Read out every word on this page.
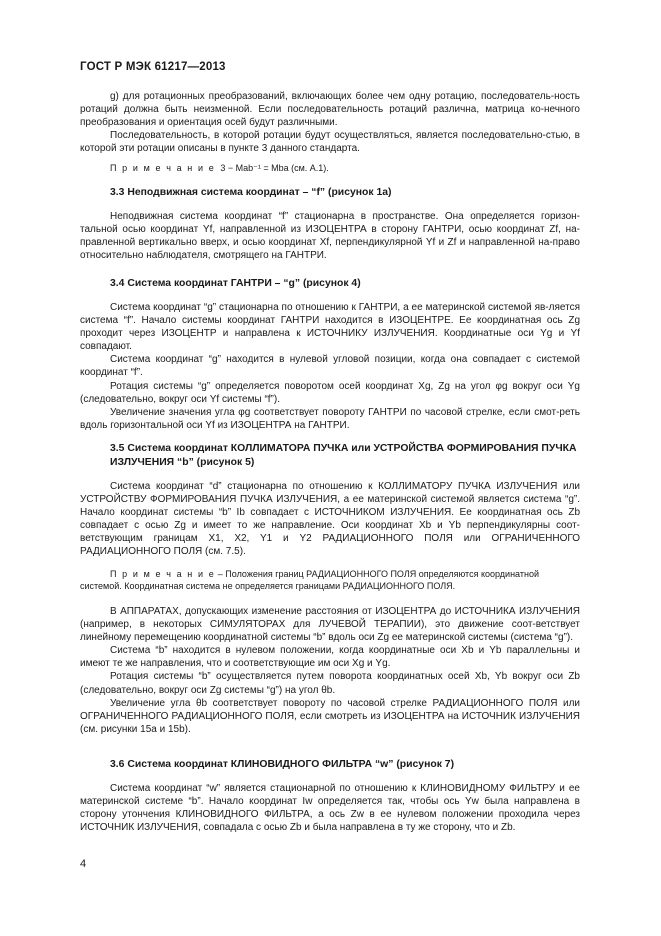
ГОСТ Р МЭК 61217—2013

g) для ротационных преобразований, включающих более чем одну ротацию, последователь-ность ротаций должна быть неизменной. Если последовательность ротаций различна, матрица ко-нечного преобразования и ориентация осей будут различными.

Последовательность, в которой ротации будут осуществляться, является последовательно-стью, в которой эти ротации описаны в пункте 3 данного стандарта.

П р и м е ч а н и е 3 − Mab⁻¹ = Mba (см. А.1).

3.3 Неподвижная система координат – “f” (рисунок 1a)

Неподвижная система координат “f” стационарна в пространстве. Она определяется горизон-тальной осью координат Yf, направленной из ИЗОЦЕНТРА в сторону ГАНТРИ, осью координат Zf, на-правленной вертикально вверх, и осью координат Xf, перпендикулярной Yf и Zf и направленной на-право относительно наблюдателя, смотрящего на ГАНТРИ.

3.4 Система координат ГАНТРИ – “g” (рисунок 4)

Система координат “g” стационарна по отношению к ГАНТРИ, а ее материнской системой яв-ляется система “f”. Начало системы координат ГАНТРИ находится в ИЗОЦЕНТРЕ. Ее координатная ось Zg проходит через ИЗОЦЕНТР и направлена к ИСТОЧНИКУ ИЗЛУЧЕНИЯ. Координатные оси Yg и Yf совпадают.

Система координат “g” находится в нулевой угловой позиции, когда она совпадает с системой координат “f”.

Ротация системы “g” определяется поворотом осей координат Xg, Zg на угол φg вокруг оси Yg (следовательно, вокруг оси Yf системы “f”).

Увеличение значения угла φg соответствует повороту ГАНТРИ по часовой стрелке, если смот-реть вдоль горизонтальной оси Yf из ИЗОЦЕНТРА на ГАНТРИ.

3.5 Система координат КОЛЛИМАТОРА ПУЧКА или УСТРОЙСТВА ФОРМИРОВАНИЯ ПУЧКА ИЗЛУЧЕНИЯ “b” (рисунок 5)

Система координат “d” стационарна по отношению к КОЛЛИМАТОРУ ПУЧКА ИЗЛУЧЕНИЯ или УСТРОЙСТВУ ФОРМИРОВАНИЯ ПУЧКА ИЗЛУЧЕНИЯ, а ее материнской системой является система “g”. Начало координат системы “b” Ib совпадает с ИСТОЧНИКОМ ИЗЛУЧЕНИЯ. Ее координатная ось Zb совпадает с осью Zg и имеет то же направление. Оси координат Xb и Yb перпендикулярны соот-ветствующим границам X1, X2, Y1 и Y2 РАДИАЦИОННОГО ПОЛЯ или ОГРАНИЧЕННОГО РАДИАЦИОННОГО ПОЛЯ (см. 7.5).

П р и м е ч а н и е – Положения границ РАДИАЦИОННОГО ПОЛЯ определяются координатной системой. Координатная система не определяется границами РАДИАЦИОННОГО ПОЛЯ.

В АППАРАТАХ, допускающих изменение расстояния от ИЗОЦЕНТРА до ИСТОЧНИКА ИЗЛУЧЕНИЯ (например, в некоторых СИМУЛЯТОРАХ для ЛУЧЕВОЙ ТЕРАПИИ), это движение соот-ветствует линейному перемещению координатной системы “b” вдоль оси Zg ее материнской системы (система “g”).

Система “b” находится в нулевом положении, когда координатные оси Xb и Yb параллельны и имеют те же направления, что и соответствующие им оси Xg и Yg.

Ротация системы “b” осуществляется путем поворота координатных осей Xb, Yb вокруг оси Zb (следовательно, вокруг оси Zg системы “g”) на угол θb.

Увеличение угла θb соответствует повороту по часовой стрелке РАДИАЦИОННОГО ПОЛЯ или ОГРАНИЧЕННОГО РАДИАЦИОННОГО ПОЛЯ, если смотреть из ИЗОЦЕНТРА на ИСТОЧНИК ИЗЛУЧЕНИЯ (см. рисунки 15a и 15b).

3.6 Система координат КЛИНОВИДНОГО ФИЛЬТРА “w” (рисунок 7)

Система координат “w” является стационарной по отношению к КЛИНОВИДНОМУ ФИЛЬТРУ и ее материнской системе “b”. Начало координат Iw определяется так, чтобы ось Yw была направлена в сторону утончения КЛИНОВИДНОГО ФИЛЬТРА, а ось Zw в ее нулевом положении проходила через ИСТОЧНИК ИЗЛУЧЕНИЯ, совпадала с осью Zb и была направлена в ту же сторону, что и Zb.

4
